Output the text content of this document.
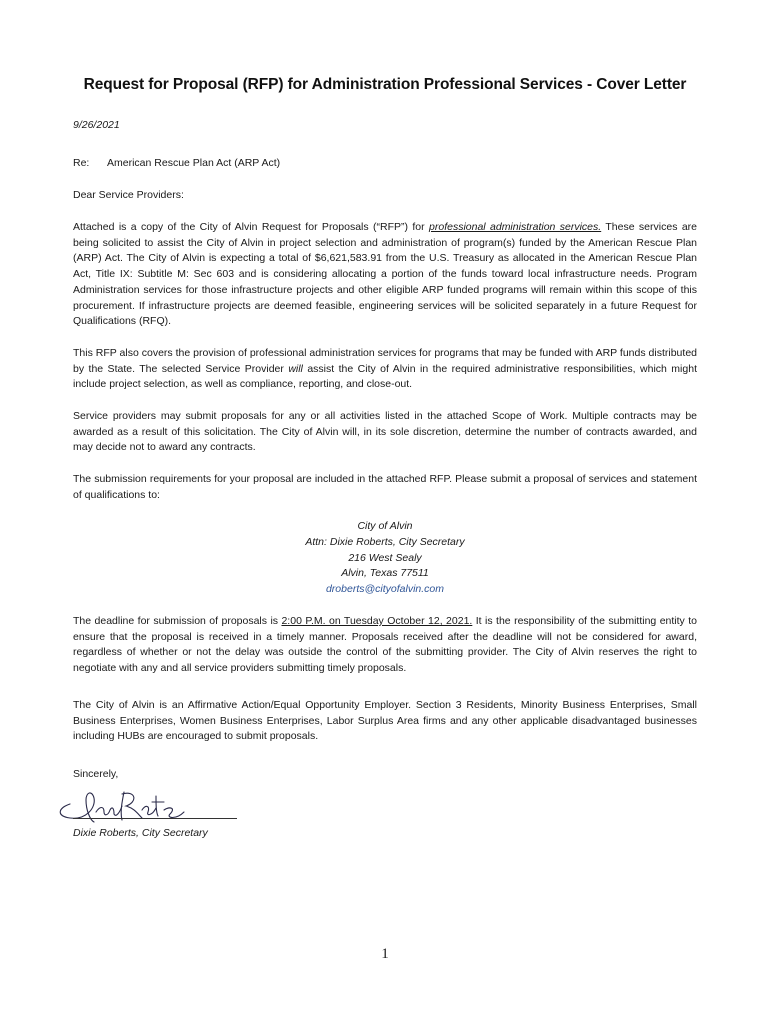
Request for Proposal (RFP) for Administration Professional Services - Cover Letter
9/26/2021
Re: American Rescue Plan Act (ARP Act)
Dear Service Providers:

Attached is a copy of the City of Alvin Request for Proposals (“RFP”) for professional administration services. These services are being solicited to assist the City of Alvin in project selection and administration of program(s) funded by the American Rescue Plan (ARP) Act. The City of Alvin is expecting a total of $6,621,583.91 from the U.S. Treasury as allocated in the American Rescue Plan Act, Title IX: Subtitle M: Sec 603 and is considering allocating a portion of the funds toward local infrastructure needs. Program Administration services for those infrastructure projects and other eligible ARP funded programs will remain within this scope of this procurement. If infrastructure projects are deemed feasible, engineering services will be solicited separately in a future Request for Qualifications (RFQ).

This RFP also covers the provision of professional administration services for programs that may be funded with ARP funds distributed by the State. The selected Service Provider will assist the City of Alvin in the required administrative responsibilities, which might include project selection, as well as compliance, reporting, and close-out.

Service providers may submit proposals for any or all activities listed in the attached Scope of Work. Multiple contracts may be awarded as a result of this solicitation. The City of Alvin will, in its sole discretion, determine the number of contracts awarded, and may decide not to award any contracts.

The submission requirements for your proposal are included in the attached RFP. Please submit a proposal of services and statement of qualifications to:

City of Alvin
Attn: Dixie Roberts, City Secretary
216 West Sealy
Alvin, Texas 77511
droberts@cityofalvin.com

The deadline for submission of proposals is 2:00 P.M. on Tuesday October 12, 2021. It is the responsibility of the submitting entity to ensure that the proposal is received in a timely manner. Proposals received after the deadline will not be considered for award, regardless of whether or not the delay was outside the control of the submitting provider. The City of Alvin reserves the right to negotiate with any and all service providers submitting timely proposals.

The City of Alvin is an Affirmative Action/Equal Opportunity Employer. Section 3 Residents, Minority Business Enterprises, Small Business Enterprises, Women Business Enterprises, Labor Surplus Area firms and any other applicable disadvantaged businesses including HUBs are encouraged to submit proposals.

Sincerely,
Dixie Roberts, City Secretary
1
